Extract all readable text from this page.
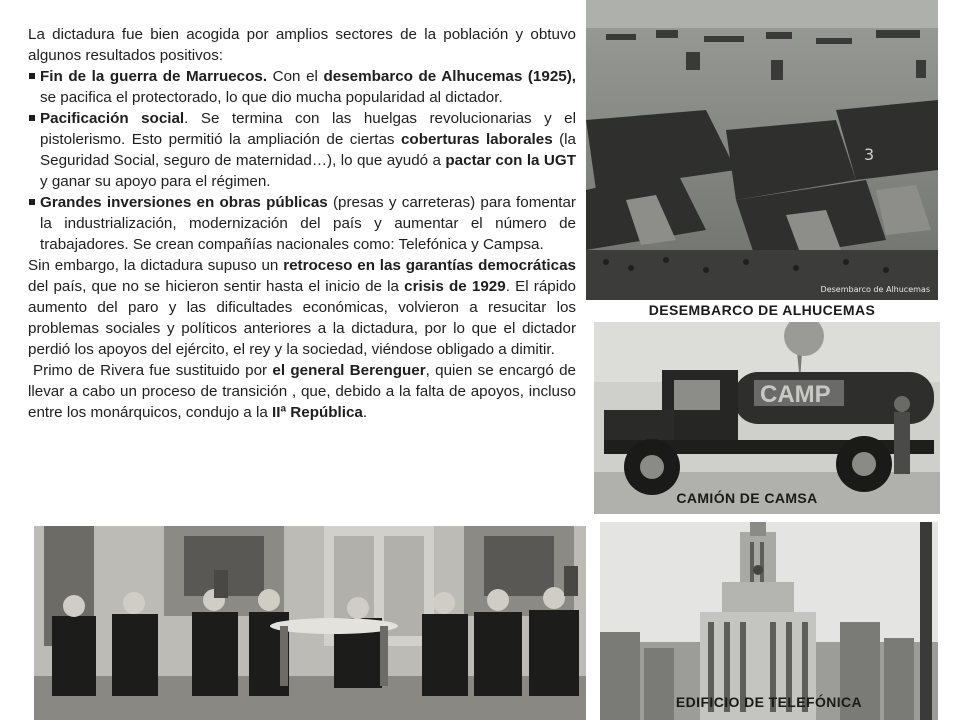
La dictadura fue bien acogida por amplios sectores de la población y obtuvo algunos resultados positivos:

Fin de la guerra de Marruecos. Con el desembarco de Alhucemas (1925), se pacifica el protectorado, lo que dio mucha popularidad al dictador.
Pacificación social. Se termina con las huelgas revolucionarias y el pistolerismo. Esto permitió la ampliación de ciertas coberturas laborales (la Seguridad Social, seguro de maternidad…), lo que ayudó a pactar con la UGT y ganar su apoyo para el régimen.
Grandes inversiones en obras públicas (presas y carreteras) para fomentar la industrialización, modernización del país y aumentar el número de trabajadores. Se crean compañías nacionales como: Telefónica y Campsa.

Sin embargo, la dictadura supuso un retroceso en las garantías democráticas del país, que no se hicieron sentir hasta el inicio de la crisis de 1929. El rápido aumento del paro y las dificultades económicas, volvieron a resucitar los problemas sociales y políticos anteriores a la dictadura, por lo que el dictador perdió los apoyos del ejército, el rey y la sociedad, viéndose obligado a dimitir.

Primo de Rivera fue sustituido por el general Berenguer, quien se encargó de llevar a cabo un proceso de transición , que, debido a la falta de apoyos, incluso entre los monárquicos, condujo a la IIª República.

3
Desembarco de Alhucemas
DESEMBARCO DE ALHUCEMAS
CAMP
CAMIÓN DE CAMSA
EDIFICIO DE TELEFÓNICA
